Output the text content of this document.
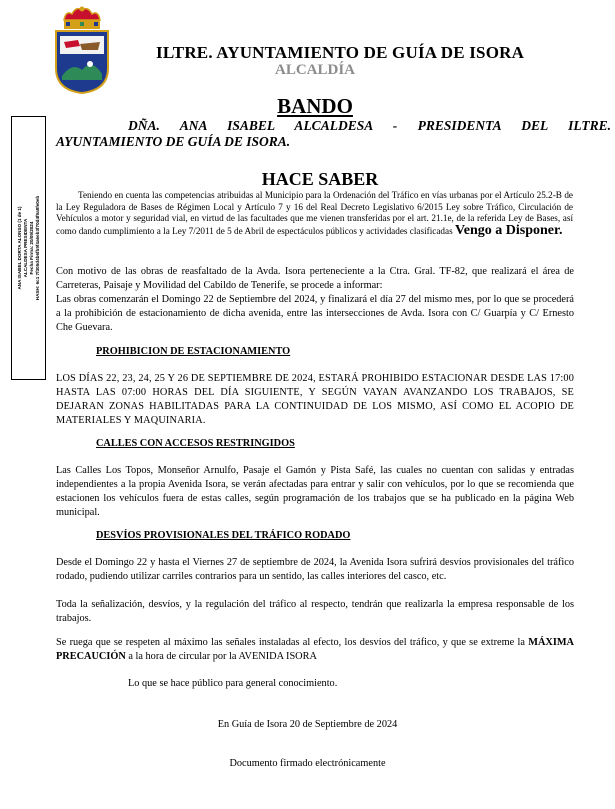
ILTRE. AYUNTAMIENTO DE GUÍA DE ISORA
ALCALDÍA
ANA ISABEL DORTA ALONSO (1 de 1) ALCALDESA PRESIDENTA Fecha Firma: 20/09/2024 HASH: 6c1 7f305d4b6fb9f4a6eb3f70d4f9a8fe0eb
BANDO
DÑA. ANA ISABEL ALCALDESA - PRESIDENTA DEL ILTRE.
AYUNTAMIENTO DE GUÍA DE ISORA.
HACE SABER
Teniendo en cuenta las competencias atribuidas al Municipio para la Ordenación del Tráfico en vías urbanas por el Artículo 25.2-B de la Ley Reguladora de Bases de Régimen Local y Artículo 7 y 16 del Real Decreto Legislativo 6/2015 Ley sobre Tráfico, Circulación de Vehículos a motor y seguridad vial, en virtud de las facultades que me vienen transferidas por el art. 21.1e, de la referida Ley de Bases, así como dando cumplimiento a la Ley 7/2011 de 5 de Abril de espectáculos públicos y actividades clasificadas Vengo a Disponer.
Con motivo de las obras de reasfaltado de la Avda. Isora perteneciente a la Ctra. Gral. TF-82, que realizará el área de Carreteras, Paisaje y Movilidad del Cabildo de Tenerife, se procede a informar:
Las obras comenzarán el Domingo 22 de Septiembre del 2024, y finalizará el día 27 del mismo mes, por lo que se procederá a la prohibición de estacionamiento de dicha avenida, entre las intersecciones de Avda. Isora con C/ Guarpía y C/ Ernesto Che Guevara.
PROHIBICION DE ESTACIONAMIENTO
LOS DÍAS 22, 23, 24, 25 Y 26 DE SEPTIEMBRE DE 2024, ESTARÁ PROHIBIDO ESTACIONAR DESDE LAS 17:00 HASTA LAS 07:00 HORAS DEL DÍA SIGUIENTE, Y SEGÚN VAYAN AVANZANDO LOS TRABAJOS, SE DEJARAN ZONAS HABILITADAS PARA LA CONTINUIDAD DE LOS MISMO, ASÍ COMO EL ACOPIO DE MATERIALES Y MAQUINARIA.
CALLES CON ACCESOS RESTRINGIDOS
Las Calles Los Topos, Monseñor Arnulfo, Pasaje el Gamón y Pista Safé, las cuales no cuentan con salidas y entradas independientes a la propia Avenida Isora, se verán afectadas para entrar y salir con vehículos, por lo que se recomienda que estacionen los vehículos fuera de estas calles, según programación de los trabajos que se ha publicado en la página Web municipal.
DESVÍOS PROVISIONALES DEL TRÁFICO RODADO
Desde el Domingo 22 y hasta el Viernes 27 de septiembre de 2024, la Avenida Isora sufrirá desvíos provisionales del tráfico rodado, pudiendo utilizar carriles contrarios para un sentido, las calles interiores del casco, etc.
Toda la señalización, desvíos, y la regulación del tráfico al respecto, tendrán que realizarla la empresa responsable de los trabajos.
Se ruega que se respeten al máximo las señales instaladas al efecto, los desvíos del tráfico, y que se extreme la MÁXIMA PRECAUCIÓN a la hora de circular por la AVENIDA ISORA
Lo que se hace público para general conocimiento.
En Guía de Isora 20 de Septiembre de 2024
Documento firmado electrónicamente
